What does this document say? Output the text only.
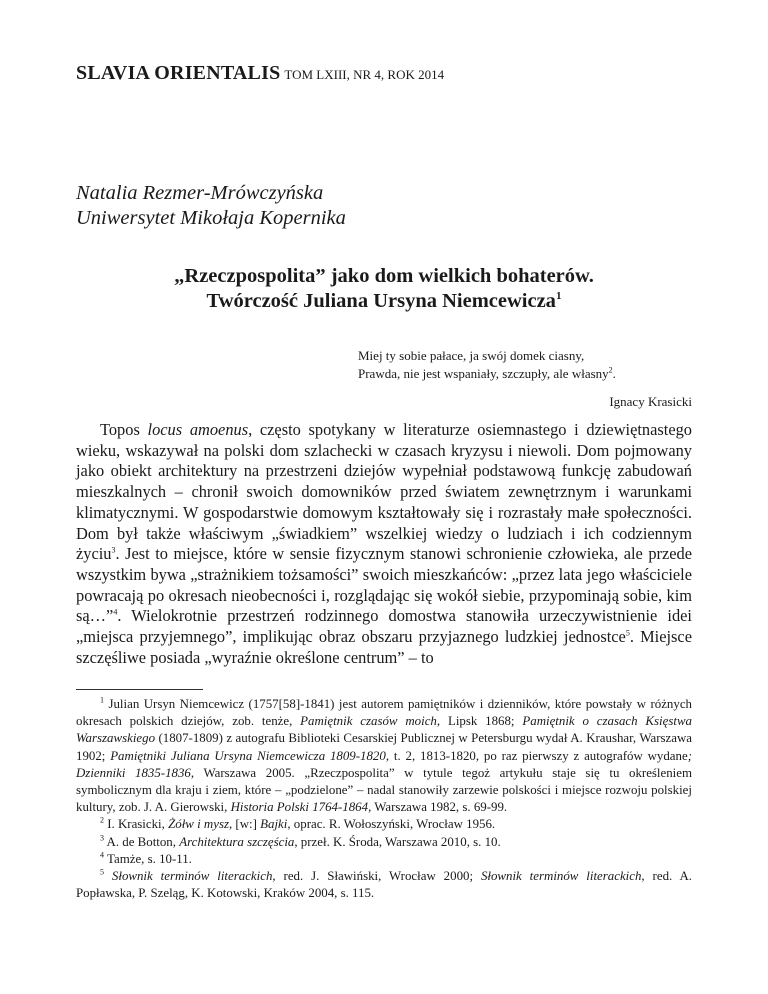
SLAVIA ORIENTALIS TOM LXIII, NR 4, ROK 2014
Natalia Rezmer-Mrówczyńska
Uniwersytet Mikołaja Kopernika
„Rzeczpospolita” jako dom wielkich bohaterów.
Twórczość Juliana Ursyna Niemcewicza$^1$
Miej ty sobie pałace, ja swój domek ciasny,
Prawda, nie jest wspaniały, szczupły, ale własny$^2$.
Ignacy Krasicki

Topos locus amoenus, często spotykany w literaturze osiemnastego i dziewiętnastego wieku, wskazywał na polski dom szlachecki w czasach kryzysu i niewoli. Dom pojmowany jako obiekt architektury na przestrzeni dziejów wypełniał podstawową funkcję zabudowań mieszkalnych – chronił swoich domowników przed światem zewnętrznym i warunkami klimatycznymi. W gospodarstwie domowym kształtowały się i rozrastały małe społeczności. Dom był także właściwym „świadkiem” wszelkiej wiedzy o ludziach i ich codziennym życiu$^3$. Jest to miejsce, które w sensie fizycznym stanowi schronienie człowieka, ale przede wszystkim bywa „strażnikiem tożsamości” swoich mieszkańców: „przez lata jego właściciele powracają po okresach nieobecności i, rozglądając się wokół siebie, przypominają sobie, kim są…”$^4$. Wielokrotnie przestrzeń rodzinnego domostwa stanowiła urzeczywistnienie idei „miejsca przyjemnego”, implikując obraz obszaru przyjaznego ludzkiej jednostce$^5$. Miejsce szczęśliwe posiada „wyraźnie określone centrum” – to

$^1$ Julian Ursyn Niemcewicz (1757[58]-1841) jest autorem pamiętników i dzienników, które powstały w różnych okresach polskich dziejów, zob. tenże, Pamiętnik czasów moich, Lipsk 1868; Pamiętnik o czasach Księstwa Warszawskiego (1807-1809) z autografu Biblioteki Cesarskiej Publicznej w Petersburgu wydał A. Kraushar, Warszawa 1902; Pamiętniki Juliana Ursyna Niemcewicza 1809-1820, t. 2, 1813-1820, po raz pierwszy z autografów wydane; Dzienniki 1835-1836, Warszawa 2005. „Rzeczpospolita” w tytule tegoż artykułu staje się tu określeniem symbolicznym dla kraju i ziem, które – „podzielone” – nadal stanowiły zarzewie polskości i miejsce rozwoju polskiej kultury, zob. J. A. Gierowski, Historia Polski 1764-1864, Warszawa 1982, s. 69-99.

$^2$ I. Krasicki, Żółw i mysz, [w:] Bajki, oprac. R. Wołoszyński, Wrocław 1956.

$^3$ A. de Botton, Architektura szczęścia, przeł. K. Środa, Warszawa 2010, s. 10.

$^4$ Tamże, s. 10-11.

$^5$ Słownik terminów literackich, red. J. Sławiński, Wrocław 2000; Słownik terminów literackich, red. A. Popławska, P. Szeląg, K. Kotowski, Kraków 2004, s. 115.
